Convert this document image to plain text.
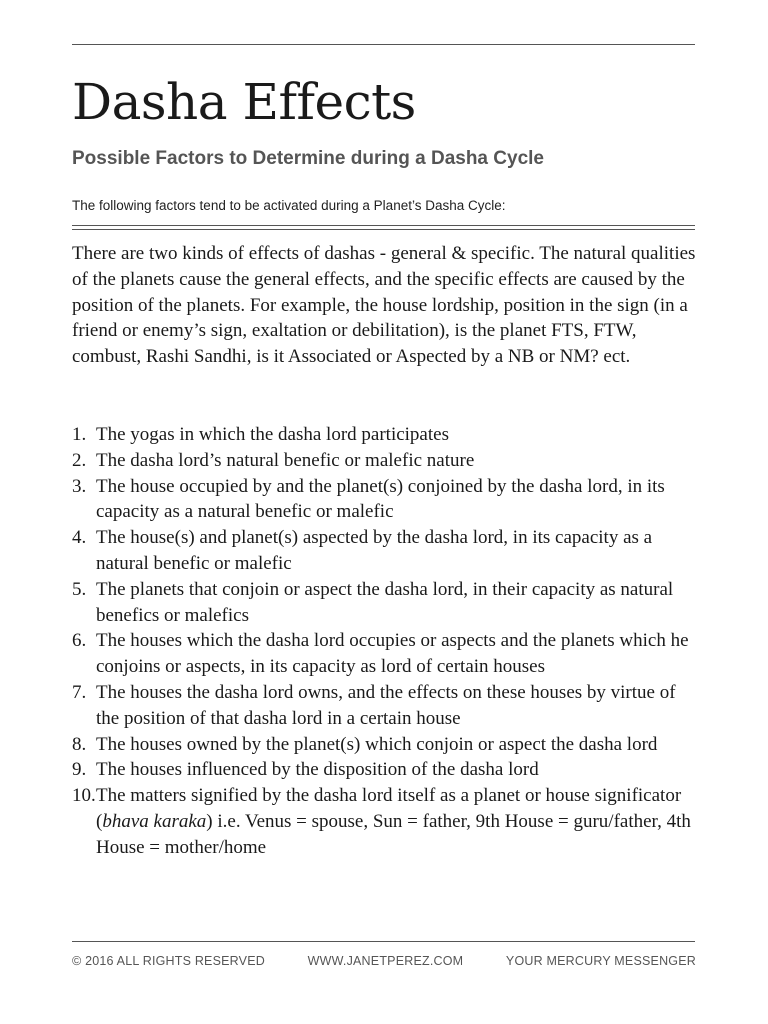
Dasha Effects
Possible Factors to Determine during a Dasha Cycle

The following factors tend to be activated during a Planet’s Dasha Cycle:

There are two kinds of effects of dashas - general & specific. The natural qualities of the planets cause the general effects, and the specific effects are caused by the position of the planets. For example, the house lordship, position in the sign (in a friend or enemy’s sign, exaltation or debilitation), is the planet FTS, FTW, combust, Rashi Sandhi, is it Associated or Aspected by a NB or NM? ect.

1. The yogas in which the dasha lord participates
2. The dasha lord’s natural benefic or malefic nature
3. The house occupied by and the planet(s) conjoined by the dasha lord, in its capacity as a natural benefic or malefic
4. The house(s) and planet(s) aspected by the dasha lord, in its capacity as a natural benefic or malefic
5. The planets that conjoin or aspect the dasha lord, in their capacity as natural benefics or malefics
6. The houses which the dasha lord occupies or aspects and the planets which he conjoins or aspects, in its capacity as lord of certain houses
7. The houses the dasha lord owns, and the effects on these houses by virtue of the position of that dasha lord in a certain house
8. The houses owned by the planet(s) which conjoin or aspect the dasha lord
9. The houses influenced by the disposition of the dasha lord
10. The matters signified by the dasha lord itself as a planet or house significator (bhava karaka) i.e. Venus = spouse, Sun = father, 9th House = guru/father, 4th House = mother/home
© 2016 ALL RIGHTS RESERVED	WWW.JANETPEREZ.COM	YOUR MERCURY MESSENGER
